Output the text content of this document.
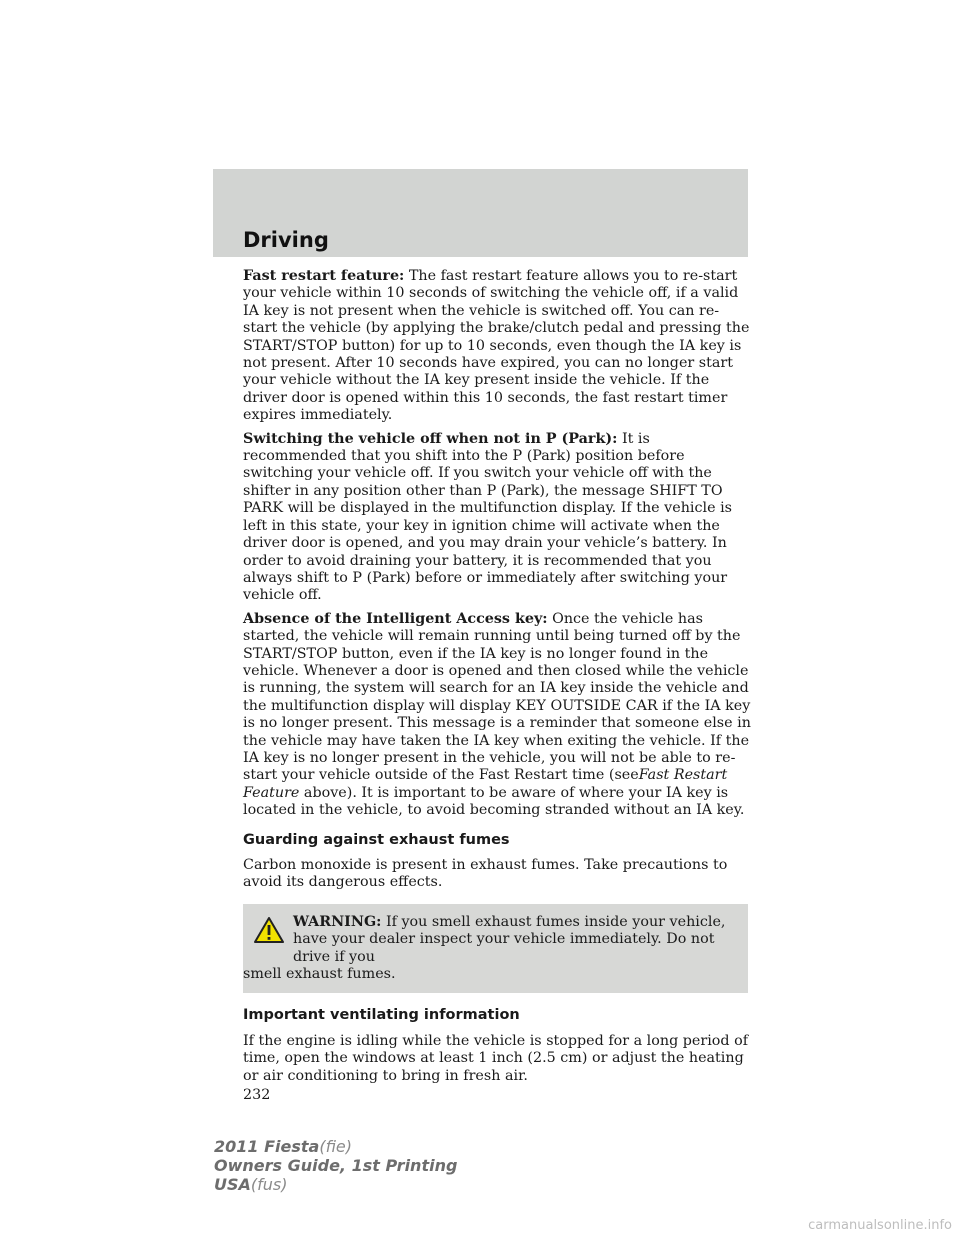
Driving

Fast restart feature: The fast restart feature allows you to re-start your vehicle within 10 seconds of switching the vehicle off, if a valid IA key is not present when the vehicle is switched off. You can re-start the vehicle (by applying the brake/clutch pedal and pressing the START/STOP button) for up to 10 seconds, even though the IA key is not present. After 10 seconds have expired, you can no longer start your vehicle without the IA key present inside the vehicle. If the driver door is opened within this 10 seconds, the fast restart timer expires immediately.

Switching the vehicle off when not in P (Park): It is recommended that you shift into the P (Park) position before switching your vehicle off. If you switch your vehicle off with the shifter in any position other than P (Park), the message SHIFT TO PARK will be displayed in the multifunction display. If the vehicle is left in this state, your key in ignition chime will activate when the driver door is opened, and you may drain your vehicle’s battery. In order to avoid draining your battery, it is recommended that you always shift to P (Park) before or immediately after switching your vehicle off.

Absence of the Intelligent Access key: Once the vehicle has started, the vehicle will remain running until being turned off by the START/STOP button, even if the IA key is no longer found in the vehicle. Whenever a door is opened and then closed while the vehicle is running, the system will search for an IA key inside the vehicle and the multifunction display will display KEY OUTSIDE CAR if the IA key is no longer present. This message is a reminder that someone else in the vehicle may have taken the IA key when exiting the vehicle. If the IA key is no longer present in the vehicle, you will not be able to re-start your vehicle outside of the Fast Restart time (seeFast Restart Feature above). It is important to be aware of where your IA key is located in the vehicle, to avoid becoming stranded without an IA key.

Guarding against exhaust fumes

Carbon monoxide is present in exhaust fumes. Take precautions to avoid its dangerous effects.

WARNING: If you smell exhaust fumes inside your vehicle, have your dealer inspect your vehicle immediately. Do not drive if you
smell exhaust fumes.
Important ventilating information

If the engine is idling while the vehicle is stopped for a long period of time, open the windows at least 1 inch (2.5 cm) or adjust the heating or air conditioning to bring in fresh air.

232
2011 Fiesta(fie)
Owners Guide, 1st Printing
USA(fus)
carmanualsonline.info
